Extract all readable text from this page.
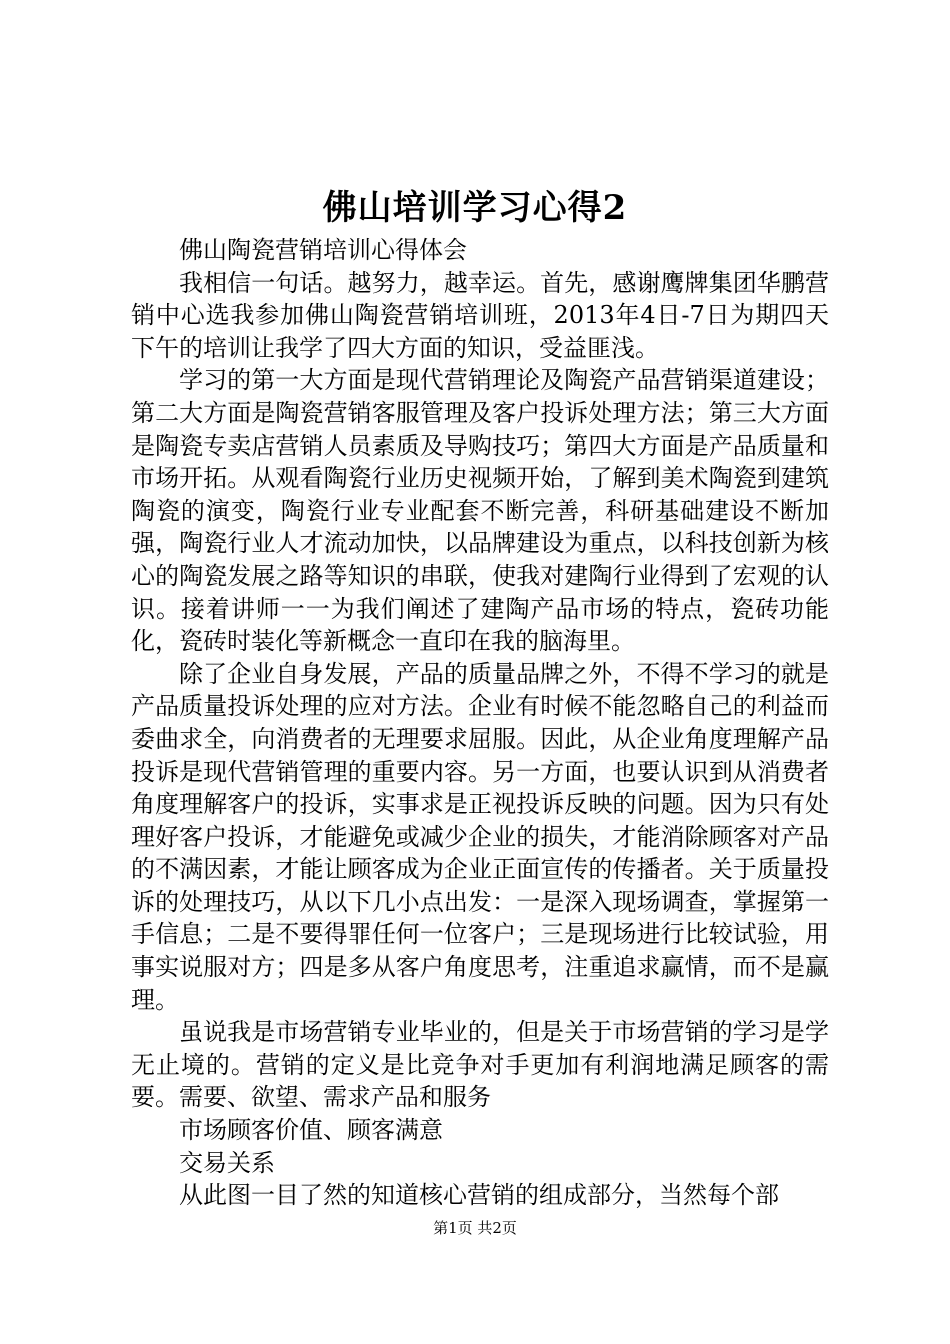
佛山培训学习心得2

佛山陶瓷营销培训心得体会

我相信一句话。越努力，越幸运。首先，感谢鹰牌集团华鹏营销中心选我参加佛山陶瓷营销培训班，2013年4日-7日为期四天下午的培训让我学了四大方面的知识，受益匪浅。

学习的第一大方面是现代营销理论及陶瓷产品营销渠道建设；第二大方面是陶瓷营销客服管理及客户投诉处理方法；第三大方面是陶瓷专卖店营销人员素质及导购技巧；第四大方面是产品质量和市场开拓。从观看陶瓷行业历史视频开始，了解到美术陶瓷到建筑陶瓷的演变，陶瓷行业专业配套不断完善，科研基础建设不断加强，陶瓷行业人才流动加快，以品牌建设为重点，以科技创新为核心的陶瓷发展之路等知识的串联，使我对建陶行业得到了宏观的认识。接着讲师一一为我们阐述了建陶产品市场的特点，瓷砖功能化，瓷砖时装化等新概念一直印在我的脑海里。

除了企业自身发展，产品的质量品牌之外，不得不学习的就是产品质量投诉处理的应对方法。企业有时候不能忽略自己的利益而委曲求全，向消费者的无理要求屈服。因此，从企业角度理解产品投诉是现代营销管理的重要内容。另一方面，也要认识到从消费者角度理解客户的投诉，实事求是正视投诉反映的问题。因为只有处理好客户投诉，才能避免或减少企业的损失，才能消除顾客对产品的不满因素，才能让顾客成为企业正面宣传的传播者。关于质量投诉的处理技巧，从以下几小点出发：一是深入现场调查，掌握第一手信息；二是不要得罪任何一位客户；三是现场进行比较试验，用事实说服对方；四是多从客户角度思考，注重追求赢情，而不是赢理。

虽说我是市场营销专业毕业的，但是关于市场营销的学习是学无止境的。营销的定义是比竞争对手更加有利润地满足顾客的需要。需要、欲望、需求产品和服务

市场顾客价值、顾客满意

交易关系

从此图一目了然的知道核心营销的组成部分，当然每个部

第1页 共2页
